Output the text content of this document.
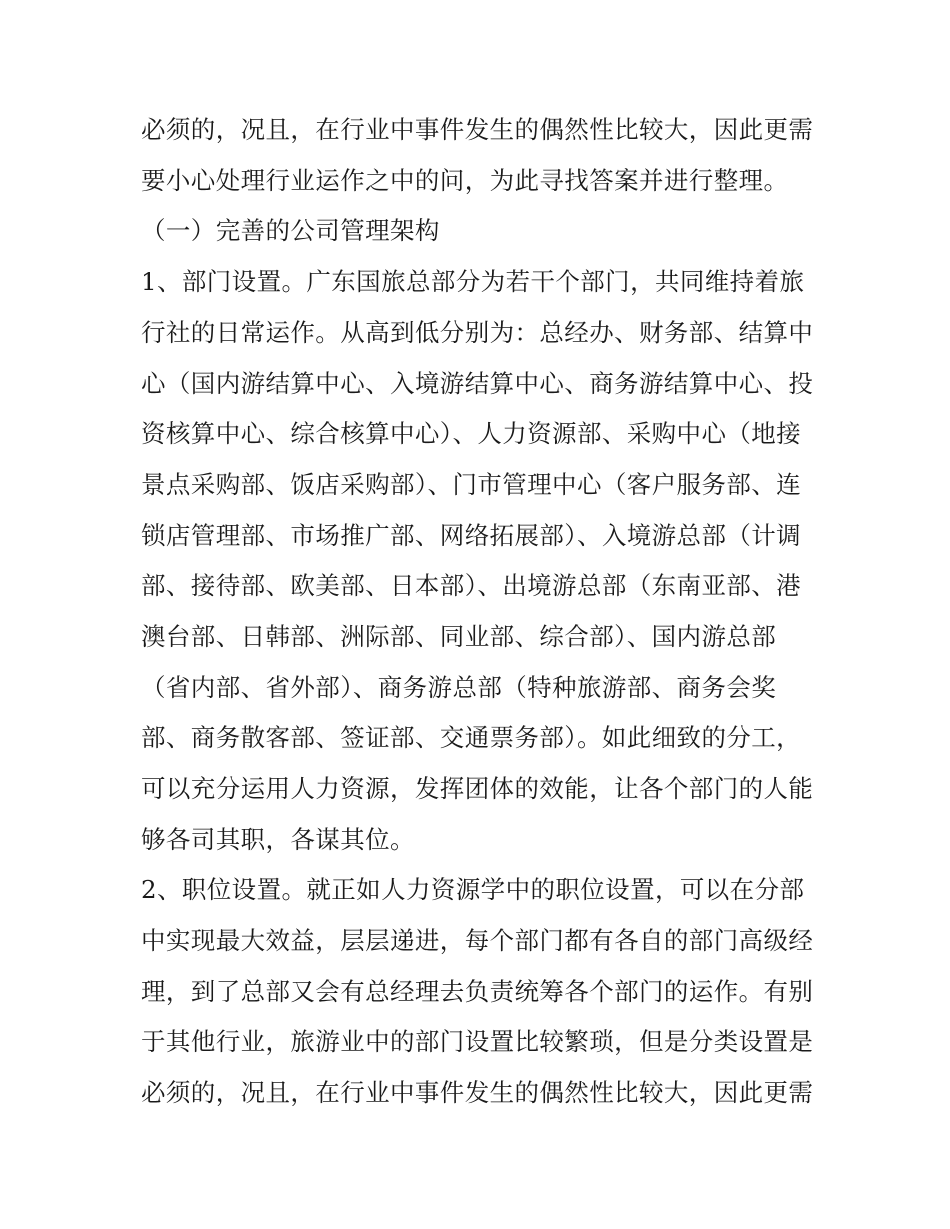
必须的，况且，在行业中事件发生的偶然性比较大，因此更需
要小心处理行业运作之中的问，为此寻找答案并进行整理。
（一）完善的公司管理架构
1、部门设置。广东国旅总部分为若干个部门，共同维持着旅
行社的日常运作。从高到低分别为：总经办、财务部、结算中
心（国内游结算中心、入境游结算中心、商务游结算中心、投
资核算中心、综合核算中心）、人力资源部、采购中心（地接
景点采购部、饭店采购部）、门市管理中心（客户服务部、连
锁店管理部、市场推广部、网络拓展部）、入境游总部（计调
部、接待部、欧美部、日本部）、出境游总部（东南亚部、港
澳台部、日韩部、洲际部、同业部、综合部）、国内游总部
（省内部、省外部）、商务游总部（特种旅游部、商务会奖
部、商务散客部、签证部、交通票务部）。如此细致的分工，
可以充分运用人力资源，发挥团体的效能，让各个部门的人能
够各司其职，各谋其位。
2、职位设置。就正如人力资源学中的职位设置，可以在分部
中实现最大效益，层层递进，每个部门都有各自的部门高级经
理，到了总部又会有总经理去负责统筹各个部门的运作。有别
于其他行业，旅游业中的部门设置比较繁琐，但是分类设置是
必须的，况且，在行业中事件发生的偶然性比较大，因此更需
